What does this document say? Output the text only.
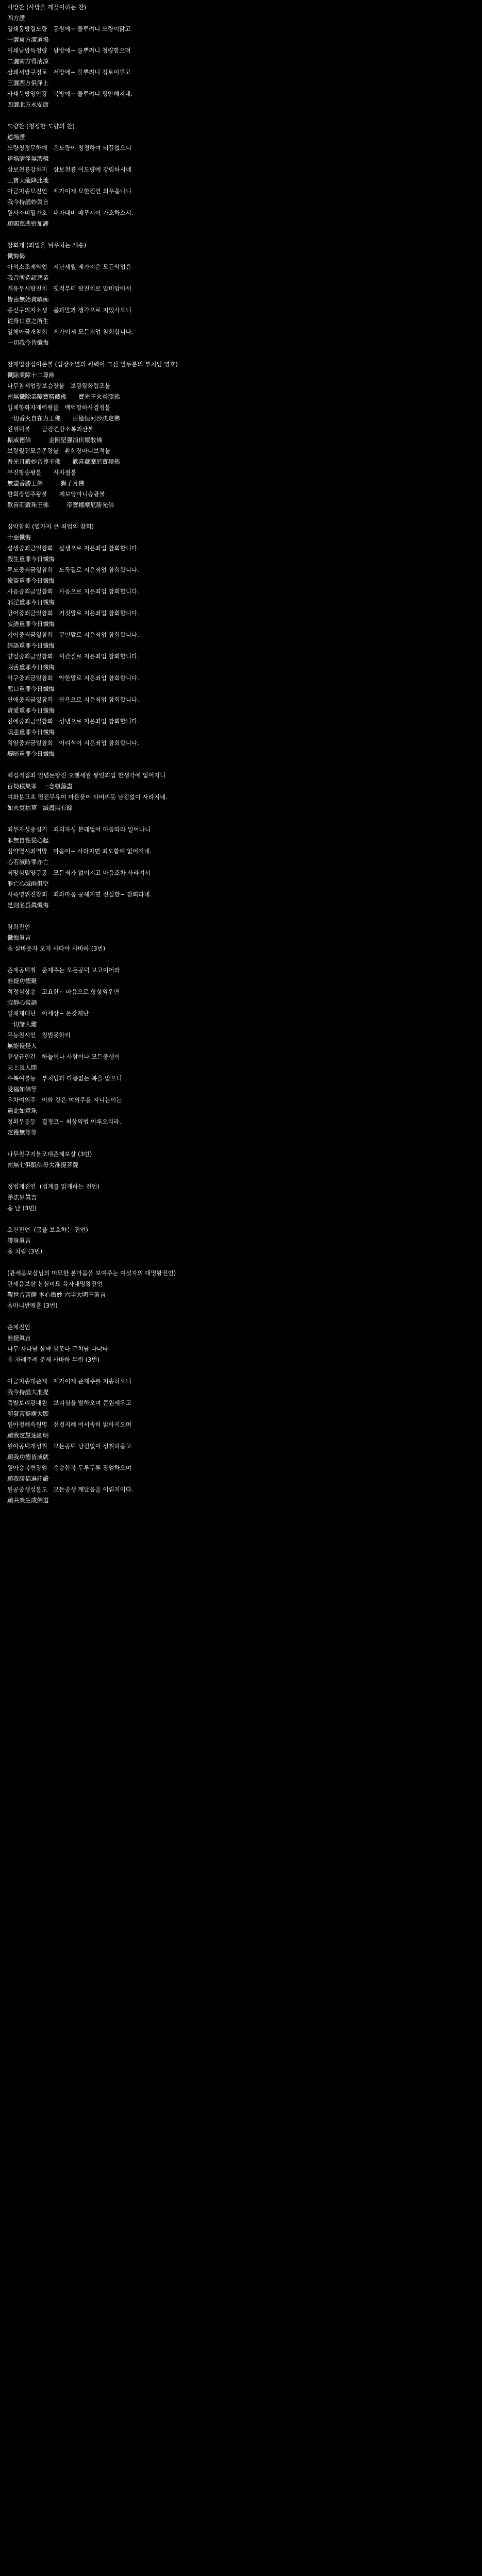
사방찬 (사방을 깨끗이하는 찬)
四方讚
일쇄동방결도량　동쌍에~ 물뿌려니 도량이맑고
一灑東方潔道場
이쇄남방득청량　남방에~ 물뿌려니 청량함으며
二灑南方得淸凉
삼쇄서방구정토　서방에~ 물뿌려니 정토이루고
三灑西方俱淨土
사쇄북방영안강　북방에~ 물뿌려니 평안해지네.
四灑北方永安康
도량찬 (청정한 도량의 찬)
道場讚
도량청정무하예　온도량이 청정하여 티끌없으니
道場淸淨無瑕穢
삼보천룡강차지　삼보천룡 이도량에 강림하시네
三寶天龍降此地
아금지송묘진언　제가이제 묘한진언 외우옵나니
我今持誦妙眞言
원사자비밀가호　대자대비 베푸시어 가호하소서.
願賜慈悲密加護
참회게 (죄업을 뉘우치는 게송)
懺悔偈
아석소조제악업　지난세월 제가지은 모든악업은
我昔所造諸惡業
개유무시탐진치　옛적부터 탐진치로 말미암아서
皆由無始貪瞋痴
종신구의지소생　몸과말과 생각으로 지었사오니
從身口意之所生
일체아금개참회　제가이제 모든죄업 참회합니다.
一切我今皆懺悔
참제업장십이존불 (업장소멸의 원력이 크신 열두분의 부처님 명호)
懺除業障十二尊佛
나무참제업장보승장불　보광왕화렴조불
南無懺除業障寶勝藏佛　　寶光王火炎照佛
일체향화자재력왕불　백억항하사결정불
一切香火自在力王佛　　百億恒河沙決定佛
진위덕불　　금강견강소복괴산불
振威德佛　　　金剛堅强消伏壞散佛
보광월전묘음존왕불　환희장마니보적불
普光月殿妙音尊王佛　　歡喜藏摩尼寶積佛
무진향승왕불　　사자월불
無盡香勝王佛　　　獅子月佛
환희장엄주왕불　　제보당마니승광불
歡喜莊嚴珠王佛　　　帝寶幢摩尼勝光佛
십악참회 (열가지 큰 죄업의 참회)
十惡懺悔
살생중죄금일참회　살생으로 지은죄업 참회합니다.
殺生重罪今日懺悔
투도중죄금일참회　도둑질로 지은죄업 참회합니다.
偸盜重罪今日懺悔
사음중죄금일참회　사음으로 지은죄업 참회합니다.
邪淫重罪今日懺悔
망어중죄금일참회　거짓말로 지은죄업 참회합니다.
妄語重罪今日懺悔
기어중죄금일참회　꾸민말로 지은죄업 참회합니다.
綺語重罪今日懺悔
양설중죄금일참회　이간질로 지은죄업 참회합니다.
兩舌重罪今日懺悔
악구중죄금일참회　악한말로 지은죄업 참회합니다.
惡口重罪今日懺悔
탐애중죄금일참회　탐욕으로 지은죄업 참회합니다.
貪愛重罪今日懺悔
진에중죄금일참회　성냄으로 지은죄업 참회합니다.
瞋恚重罪今日懺悔
치암중죄금일참회　어리석어 지은죄업 참회합니다.
癡暗重罪今日懺悔
백겁적집죄 일념돈탕진 오랜세월 쌓인죄업 한생각에 없어지니
百劫積集罪　一念頓蕩盡
여화분고초 멸진무유여 마른풀이 타버리듯 남김없이 사라지네.
如火焚枯草　滅盡無有餘
죄무자성종심기　죄의자성 본래없어 마음따라 일어나니
罪無自性從心起
심약멸시죄역망　마음이~ 사라지면 죄도함께 없어지네.
心若滅時罪亦亡
죄망심멸양구공　모든죄가 없어지고 마음조차 사라져서
罪亡心滅兩俱空
시즉명위진참회　죄와마음 공해지면 진실한~ 참회라네.
是則名爲眞懺悔
참회진언
懺悔眞言
옴 살바못자 모지 사다야 사바하 (3번)
준제공덕취　준제주는 모든공덕 보고이어라
准提功德聚
적정심상송　고요한~ 마음으로 항상외우면
寂靜心常誦
일체제대난　이세상~ 온갖재난
一切諸大難
무능침시인　침범못하리
無能侵是人
천상급인간　하늘이나 사람이나 모든중생이
天上及人間
수복여불등　부처님과 다름없는 복을 받으니
受福如佛等
우차여의주　이와 같은 여의주를 지니는이는
遇此如意珠
정획무등등　결정코~ 최상의법 이루오리라.
定獲無等等
나무칠구지불모대준제보살 (3번)
南無七俱胝佛母大准提菩薩
정법계진언  (법계를 맑게하는 진언)
淨法界眞言
옴 남 (3번)
호신진언  (몸을 보호하는 진언)
護身眞言
옴 치림 (3번)
(관세음보살님의 미묘한 본마음을 보여주는 여섯자의 대명왕진언)
관세음보살 본심미묘 육자대명왕진언
觀世音菩薩 本心微妙 六字大明王眞言
옴마니반메훔 (3번)
준제진언
准提眞言
나무 사다남 삼먁 삼못다 구치남 다냐타
옴 자례주례 준제 사바하 부림 (3번)
아금지송대준제　제가이제 준제주를 지송하오니
我今持誦大准提
즉발보리광대원　보리심을 발하오며 큰원세우고
卽發菩提廣大願
원아정혜속원명　선정지혜 어서속히 밝아지오며
願我定慧速圓明
원아공덕개성취　모든공덕 남김없이 성취하옵고
願我功德皆成就
원아승복변장엄　수승한복 두루두루 장엄하오며
願我勝福遍莊嚴
원공중생성불도　모든중생 깨달음을 이뤄지이다.
願共衆生成佛道
